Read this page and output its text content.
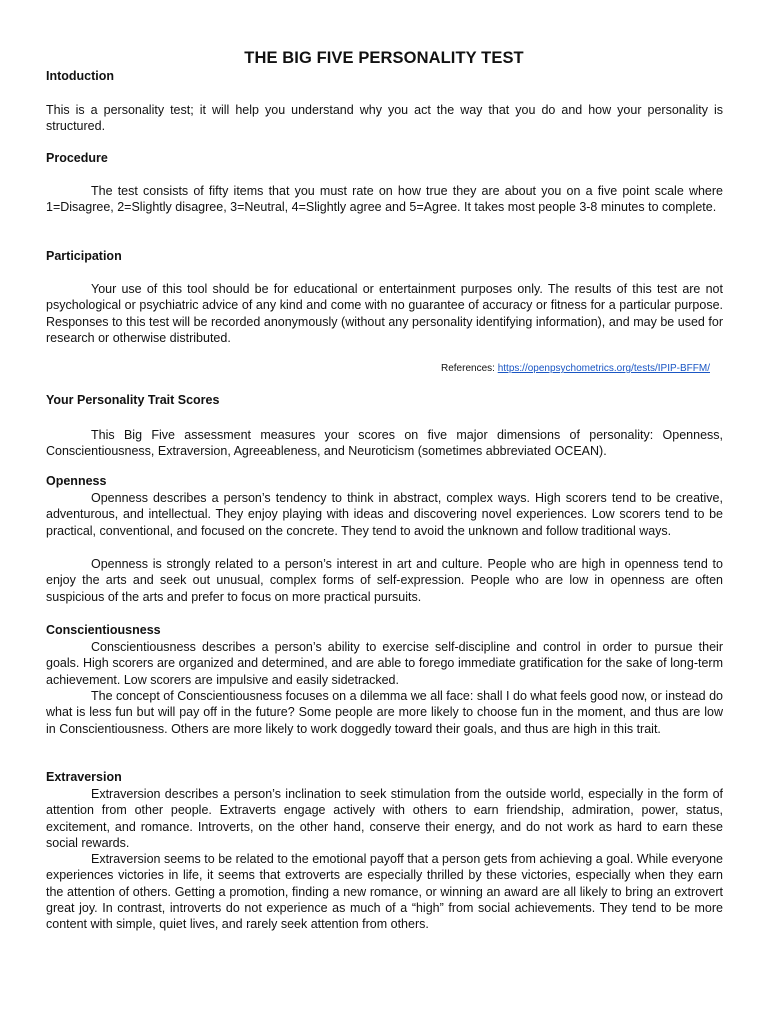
THE BIG FIVE PERSONALITY TEST
Intoduction
This is a personality test; it will help you understand why you act the way that you do and how your personality is structured.
Procedure
The test consists of fifty items that you must rate on how true they are about you on a five point scale where 1=Disagree, 2=Slightly disagree, 3=Neutral, 4=Slightly agree and 5=Agree. It takes most people 3-8 minutes to complete.
Participation
Your use of this tool should be for educational or entertainment purposes only. The results of this test are not psychological or psychiatric advice of any kind and come with no guarantee of accuracy or fitness for a particular purpose. Responses to this test will be recorded anonymously (without any personality identifying information), and may be used for research or otherwise distributed.
References: https://openpsychometrics.org/tests/IPIP-BFFM/
Your Personality Trait Scores
This Big Five assessment measures your scores on five major dimensions of personality: Openness, Conscientiousness, Extraversion, Agreeableness, and Neuroticism (sometimes abbreviated OCEAN).
Openness
Openness describes a person’s tendency to think in abstract, complex ways. High scorers tend to be creative, adventurous, and intellectual. They enjoy playing with ideas and discovering novel experiences. Low scorers tend to be practical, conventional, and focused on the concrete. They tend to avoid the unknown and follow traditional ways.
Openness is strongly related to a person’s interest in art and culture. People who are high in openness tend to enjoy the arts and seek out unusual, complex forms of self-expression. People who are low in openness are often suspicious of the arts and prefer to focus on more practical pursuits.
Conscientiousness
Conscientiousness describes a person’s ability to exercise self-discipline and control in order to pursue their goals. High scorers are organized and determined, and are able to forego immediate gratification for the sake of long-term achievement. Low scorers are impulsive and easily sidetracked.
The concept of Conscientiousness focuses on a dilemma we all face: shall I do what feels good now, or instead do what is less fun but will pay off in the future? Some people are more likely to choose fun in the moment, and thus are low in Conscientiousness. Others are more likely to work doggedly toward their goals, and thus are high in this trait.
Extraversion
Extraversion describes a person’s inclination to seek stimulation from the outside world, especially in the form of attention from other people. Extraverts engage actively with others to earn friendship, admiration, power, status, excitement, and romance. Introverts, on the other hand, conserve their energy, and do not work as hard to earn these social rewards.
Extraversion seems to be related to the emotional payoff that a person gets from achieving a goal. While everyone experiences victories in life, it seems that extroverts are especially thrilled by these victories, especially when they earn the attention of others. Getting a promotion, finding a new romance, or winning an award are all likely to bring an extrovert great joy. In contrast, introverts do not experience as much of a “high” from social achievements. They tend to be more content with simple, quiet lives, and rarely seek attention from others.
